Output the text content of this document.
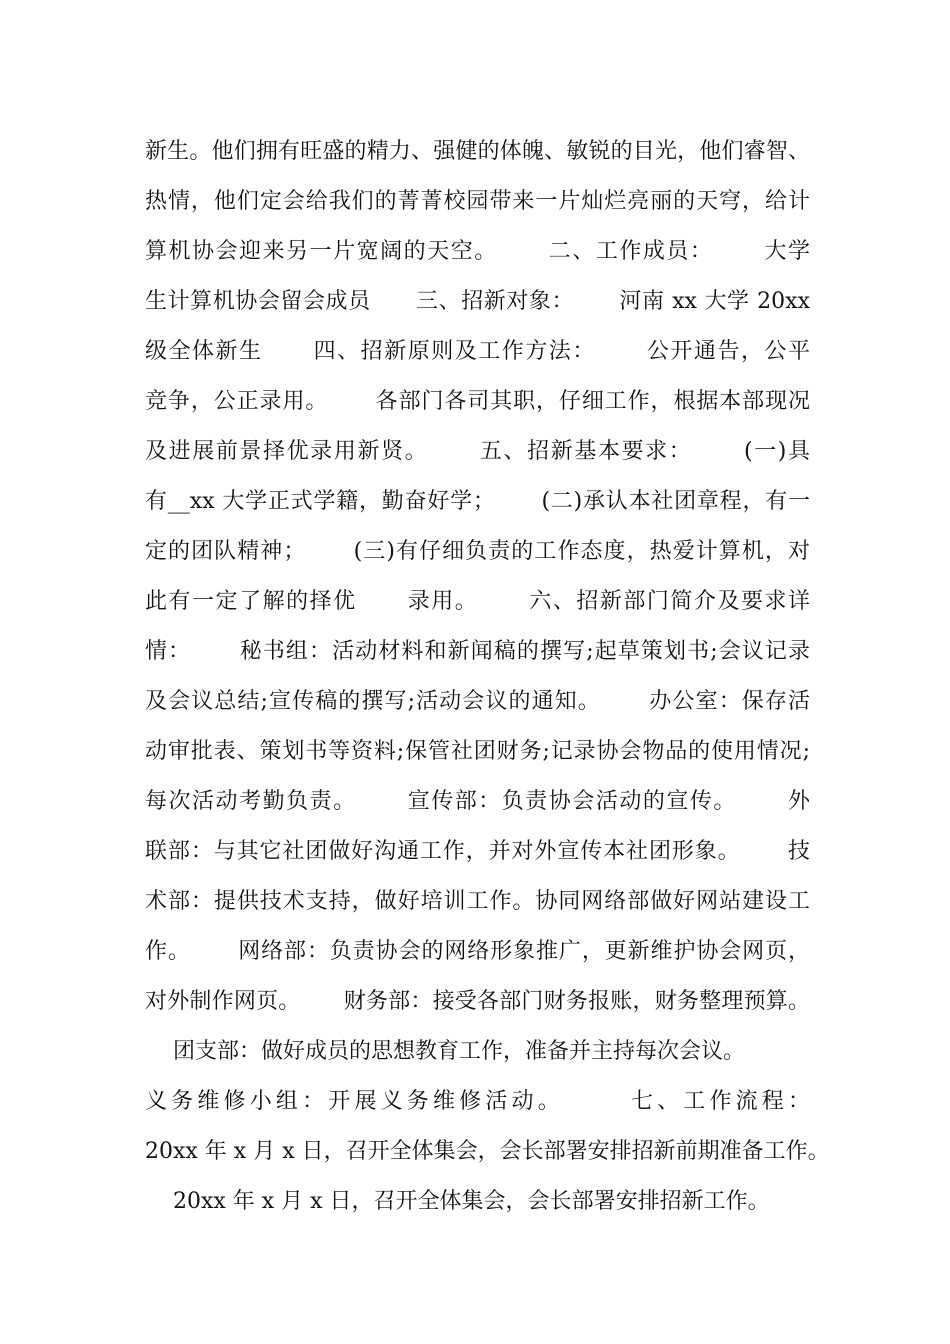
新生。他们拥有旺盛的精力、强健的体魄、敏锐的目光，他们睿智、
热情，他们定会给我们的菁菁校园带来一片灿烂亮丽的天穹，给计
算机协会迎来另一片宽阔的天空。      二、工作成员：      大学
生计算机协会留会成员      三、招新对象：      河南 xx 大学 20xx
级全体新生      四、招新原则及工作方法：      公开通告，公平
竞争，公正录用。      各部门各司其职，仔细工作，根据本部现况
及进展前景择优录用新贤。      五、招新基本要求：      (一)具
有__xx 大学正式学籍，勤奋好学；      (二)承认本社团章程，有一
定的团队精神；      (三)有仔细负责的工作态度，热爱计算机，对
此有一定了解的择优      录用。      六、招新部门简介及要求详
情：      秘书组：活动材料和新闻稿的撰写;起草策划书;会议记录
及会议总结;宣传稿的撰写;活动会议的通知。      办公室：保存活
动审批表、策划书等资料;保管社团财务;记录协会物品的使用情况;
每次活动考勤负责。      宣传部：负责协会活动的宣传。      外
联部：与其它社团做好沟通工作，并对外宣传本社团形象。      技
术部：提供技术支持，做好培训工作。协同网络部做好网站建设工
作。      网络部：负责协会的网络形象推广，更新维护协会网页，
对外制作网页。      财务部：接受各部门财务报账，财务整理预算。
团支部：做好成员的思想教育工作，准备并主持每次会议。
义务维修小组：开展义务维修活动。      七、工作流程：
20xx 年 x 月 x 日，召开全体集会，会长部署安排招新前期准备工作。
20xx 年 x 月 x 日，召开全体集会，会长部署安排招新工作。
